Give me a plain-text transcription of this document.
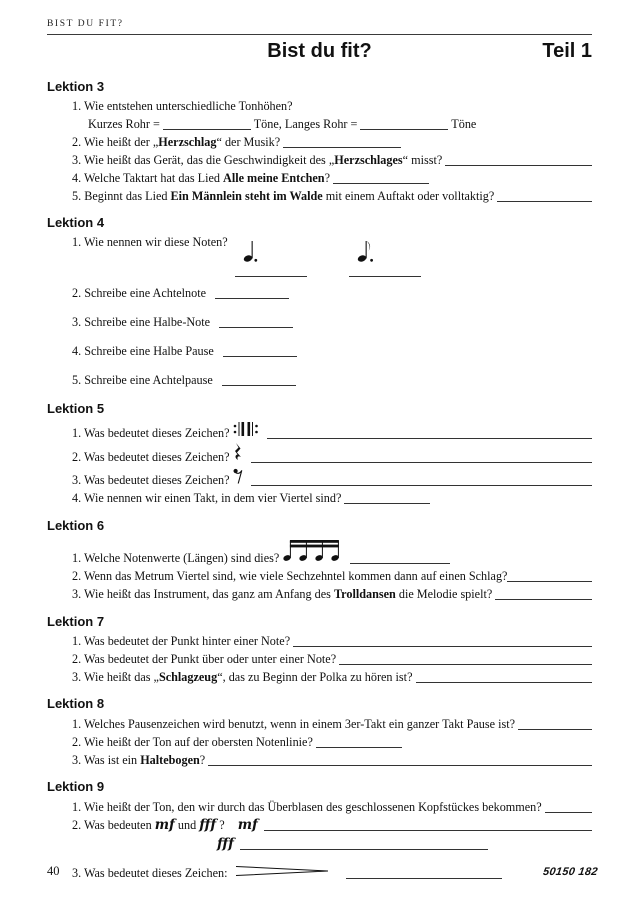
BIST DU FIT?
Bist du fit?	Teil 1
Lektion 3
1. Wie entstehen unterschiedliche Tonhöhen?
Kurzes Rohr =	Töne, Langes Rohr =	Töne
2. Wie heißt der „ Herzschlag “ der Musik?
3. Wie heißt das Gerät, das die Geschwindigkeit des „ Herzschlages “ misst?
4. Welche Taktart hat das Lied Alle meine Entchen ?
5. Beginnt das Lied Ein Männlein steht im Walde mit einem Auftakt oder volltaktig?
Lektion 4
1. Wie nennen wir diese Noten?
2. Schreibe eine Achtelnote
3. Schreibe eine Halbe-Note
4. Schreibe eine Halbe Pause
5. Schreibe eine Achtelpause
Lektion 5
1. Was bedeutet dieses Zeichen?
2. Was bedeutet dieses Zeichen?
3. Was bedeutet dieses Zeichen?
4. Wie nennen wir einen Takt, in dem vier Viertel sind?
Lektion 6
1. Welche Notenwerte (Längen) sind dies?
2. Wenn das Metrum Viertel sind, wie viele Sechzehntel kommen dann auf einen Schlag?
3. Wie heißt das Instrument, das ganz am Anfang des Trolldansen die Melodie spielt?
Lektion 7
1. Was bedeutet der Punkt hinter einer Note?
2. Was bedeutet der Punkt über oder unter einer Note?
3. Wie heißt das „ Schlagzeug “, das zu Beginn der Polka zu hören ist?
Lektion 8
1. Welches Pausenzeichen wird benutzt, wenn in einem 3er-Takt ein ganzer Takt Pause ist?
2. Wie heißt der Ton auf der obersten Notenlinie?
3. Was ist ein Haltebogen ?
Lektion 9
1. Wie heißt der Ton, den wir durch das Überblasen des geschlossenen Kopfstückes bekommen?
2. Was bedeuten mf und fff ? mf
fff
3. Was bedeutet dieses Zeichen:
40	50150 182
